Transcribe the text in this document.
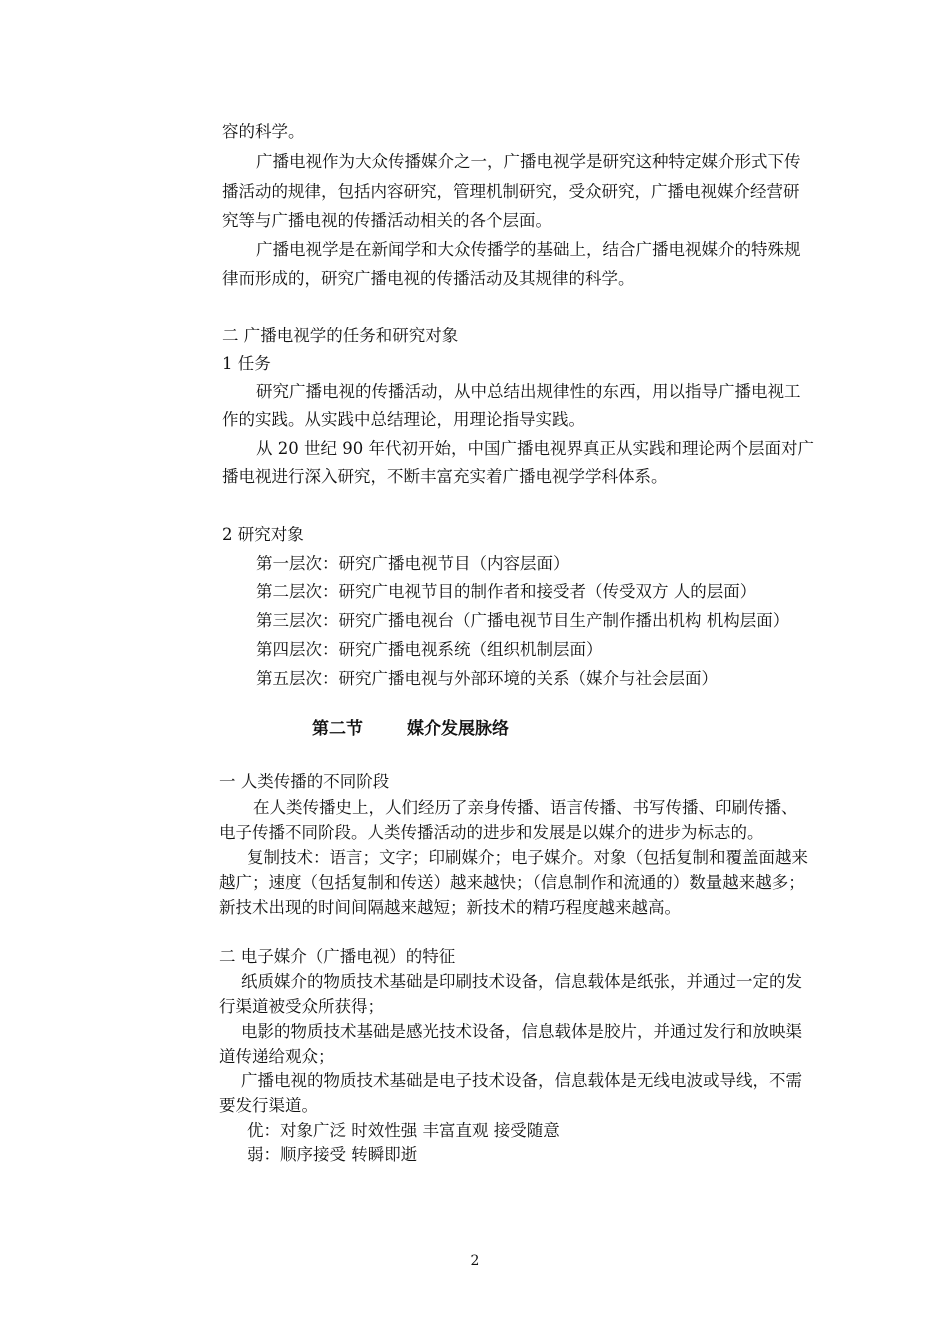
容的科学。
广播电视作为大众传播媒介之一，广播电视学是研究这种特定媒介形式下传
播活动的规律，包括内容研究，管理机制研究，受众研究，广播电视媒介经营研
究等与广播电视的传播活动相关的各个层面。
广播电视学是在新闻学和大众传播学的基础上，结合广播电视媒介的特殊规
律而形成的，研究广播电视的传播活动及其规律的科学。
二 广播电视学的任务和研究对象
1 任务
研究广播电视的传播活动，从中总结出规律性的东西，用以指导广播电视工
作的实践。从实践中总结理论，用理论指导实践。
从 20 世纪 90 年代初开始，中国广播电视界真正从实践和理论两个层面对广
播电视进行深入研究，不断丰富充实着广播电视学学科体系。
2 研究对象
第一层次：研究广播电视节目（内容层面）
第二层次：研究广电视节目的制作者和接受者（传受双方 人的层面）
第三层次：研究广播电视台（广播电视节目生产制作播出机构 机构层面）
第四层次：研究广播电视系统（组织机制层面）
第五层次：研究广播电视与外部环境的关系（媒介与社会层面）
第二节	媒介发展脉络
一 人类传播的不同阶段
在人类传播史上，人们经历了亲身传播、语言传播、书写传播、印刷传播、
电子传播不同阶段。人类传播活动的进步和发展是以媒介的进步为标志的。
复制技术：语言；文字；印刷媒介；电子媒介。对象（包括复制和覆盖面越来
越广；速度（包括复制和传送）越来越快；（信息制作和流通的）数量越来越多；
新技术出现的时间间隔越来越短；新技术的精巧程度越来越高。
二 电子媒介（广播电视）的特征
纸质媒介的物质技术基础是印刷技术设备，信息载体是纸张，并通过一定的发
行渠道被受众所获得；
电影的物质技术基础是感光技术设备，信息载体是胶片，并通过发行和放映渠
道传递给观众；
广播电视的物质技术基础是电子技术设备，信息载体是无线电波或导线，不需
要发行渠道。
优：对象广泛 时效性强 丰富直观 接受随意
弱：顺序接受 转瞬即逝
2
